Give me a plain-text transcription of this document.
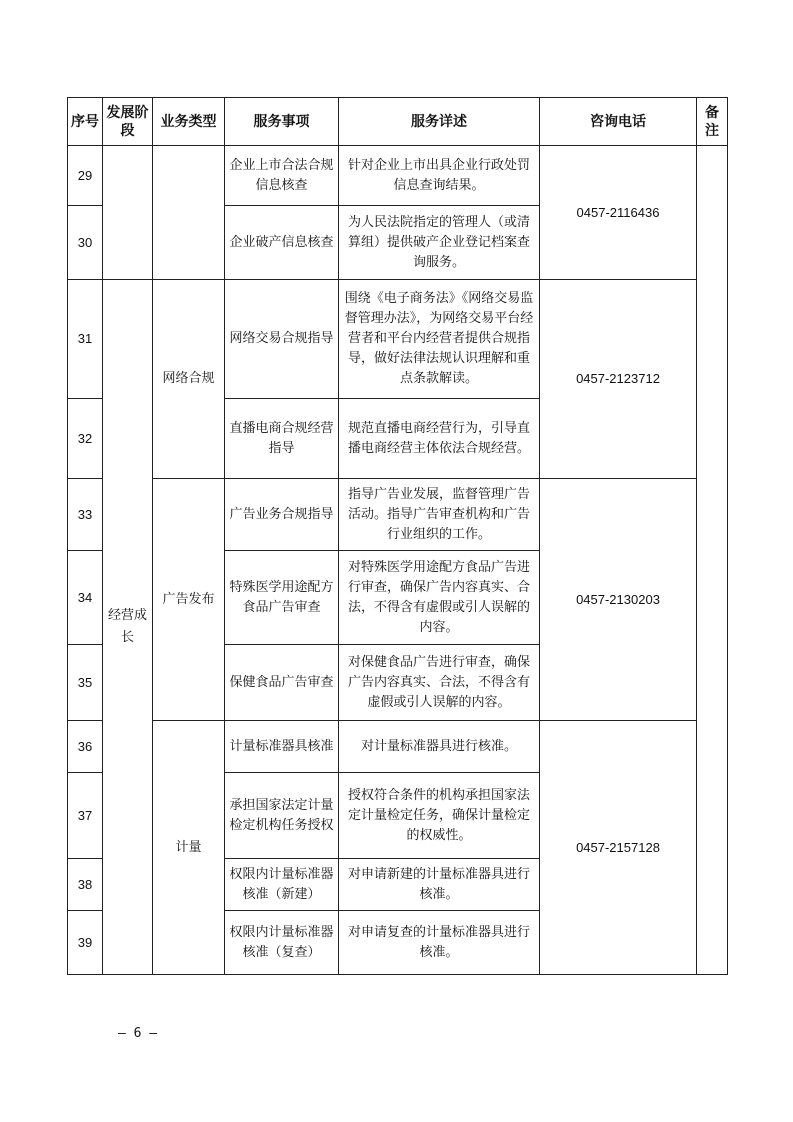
序号	发展阶段	业务类型	服务事项	服务详述	咨询电话	备注
29			企业上市合法合规信息核查	针对企业上市出具企业行政处罚信息查询结果。	0457-2116436	
30			企业破产信息核查	为人民法院指定的管理人（或清算组）提供破产企业登记档案查询服务。		
31	经营成长	网络合规	网络交易合规指导	围绕《电子商务法》《网络交易监督管理办法》，为网络交易平台经营者和平台内经营者提供合规指导，做好法律法规认识理解和重点条款解读。	0457-2123712	
32			直播电商合规经营指导	规范直播电商经营行为，引导直播电商经营主体依法合规经营。		
33		广告发布	广告业务合规指导	指导广告业发展，监督管理广告活动。指导广告审查机构和广告行业组织的工作。	0457-2130203	
34			特殊医学用途配方食品广告审查	对特殊医学用途配方食品广告进行审查，确保广告内容真实、合法，不得含有虚假或引人误解的内容。		
35			保健食品广告审查	对保健食品广告进行审查，确保广告内容真实、合法，不得含有虚假或引人误解的内容。		
36		计量	计量标准器具核准	对计量标准器具进行核准。	0457-2157128	
37			承担国家法定计量检定机构任务授权	授权符合条件的机构承担国家法定计量检定任务，确保计量检定的权威性。		
38			权限内计量标准器核准（新建）	对申请新建的计量标准器具进行核准。		
39			权限内计量标准器核准（复查）	对申请复查的计量标准器具进行核准。		
— 6 —
